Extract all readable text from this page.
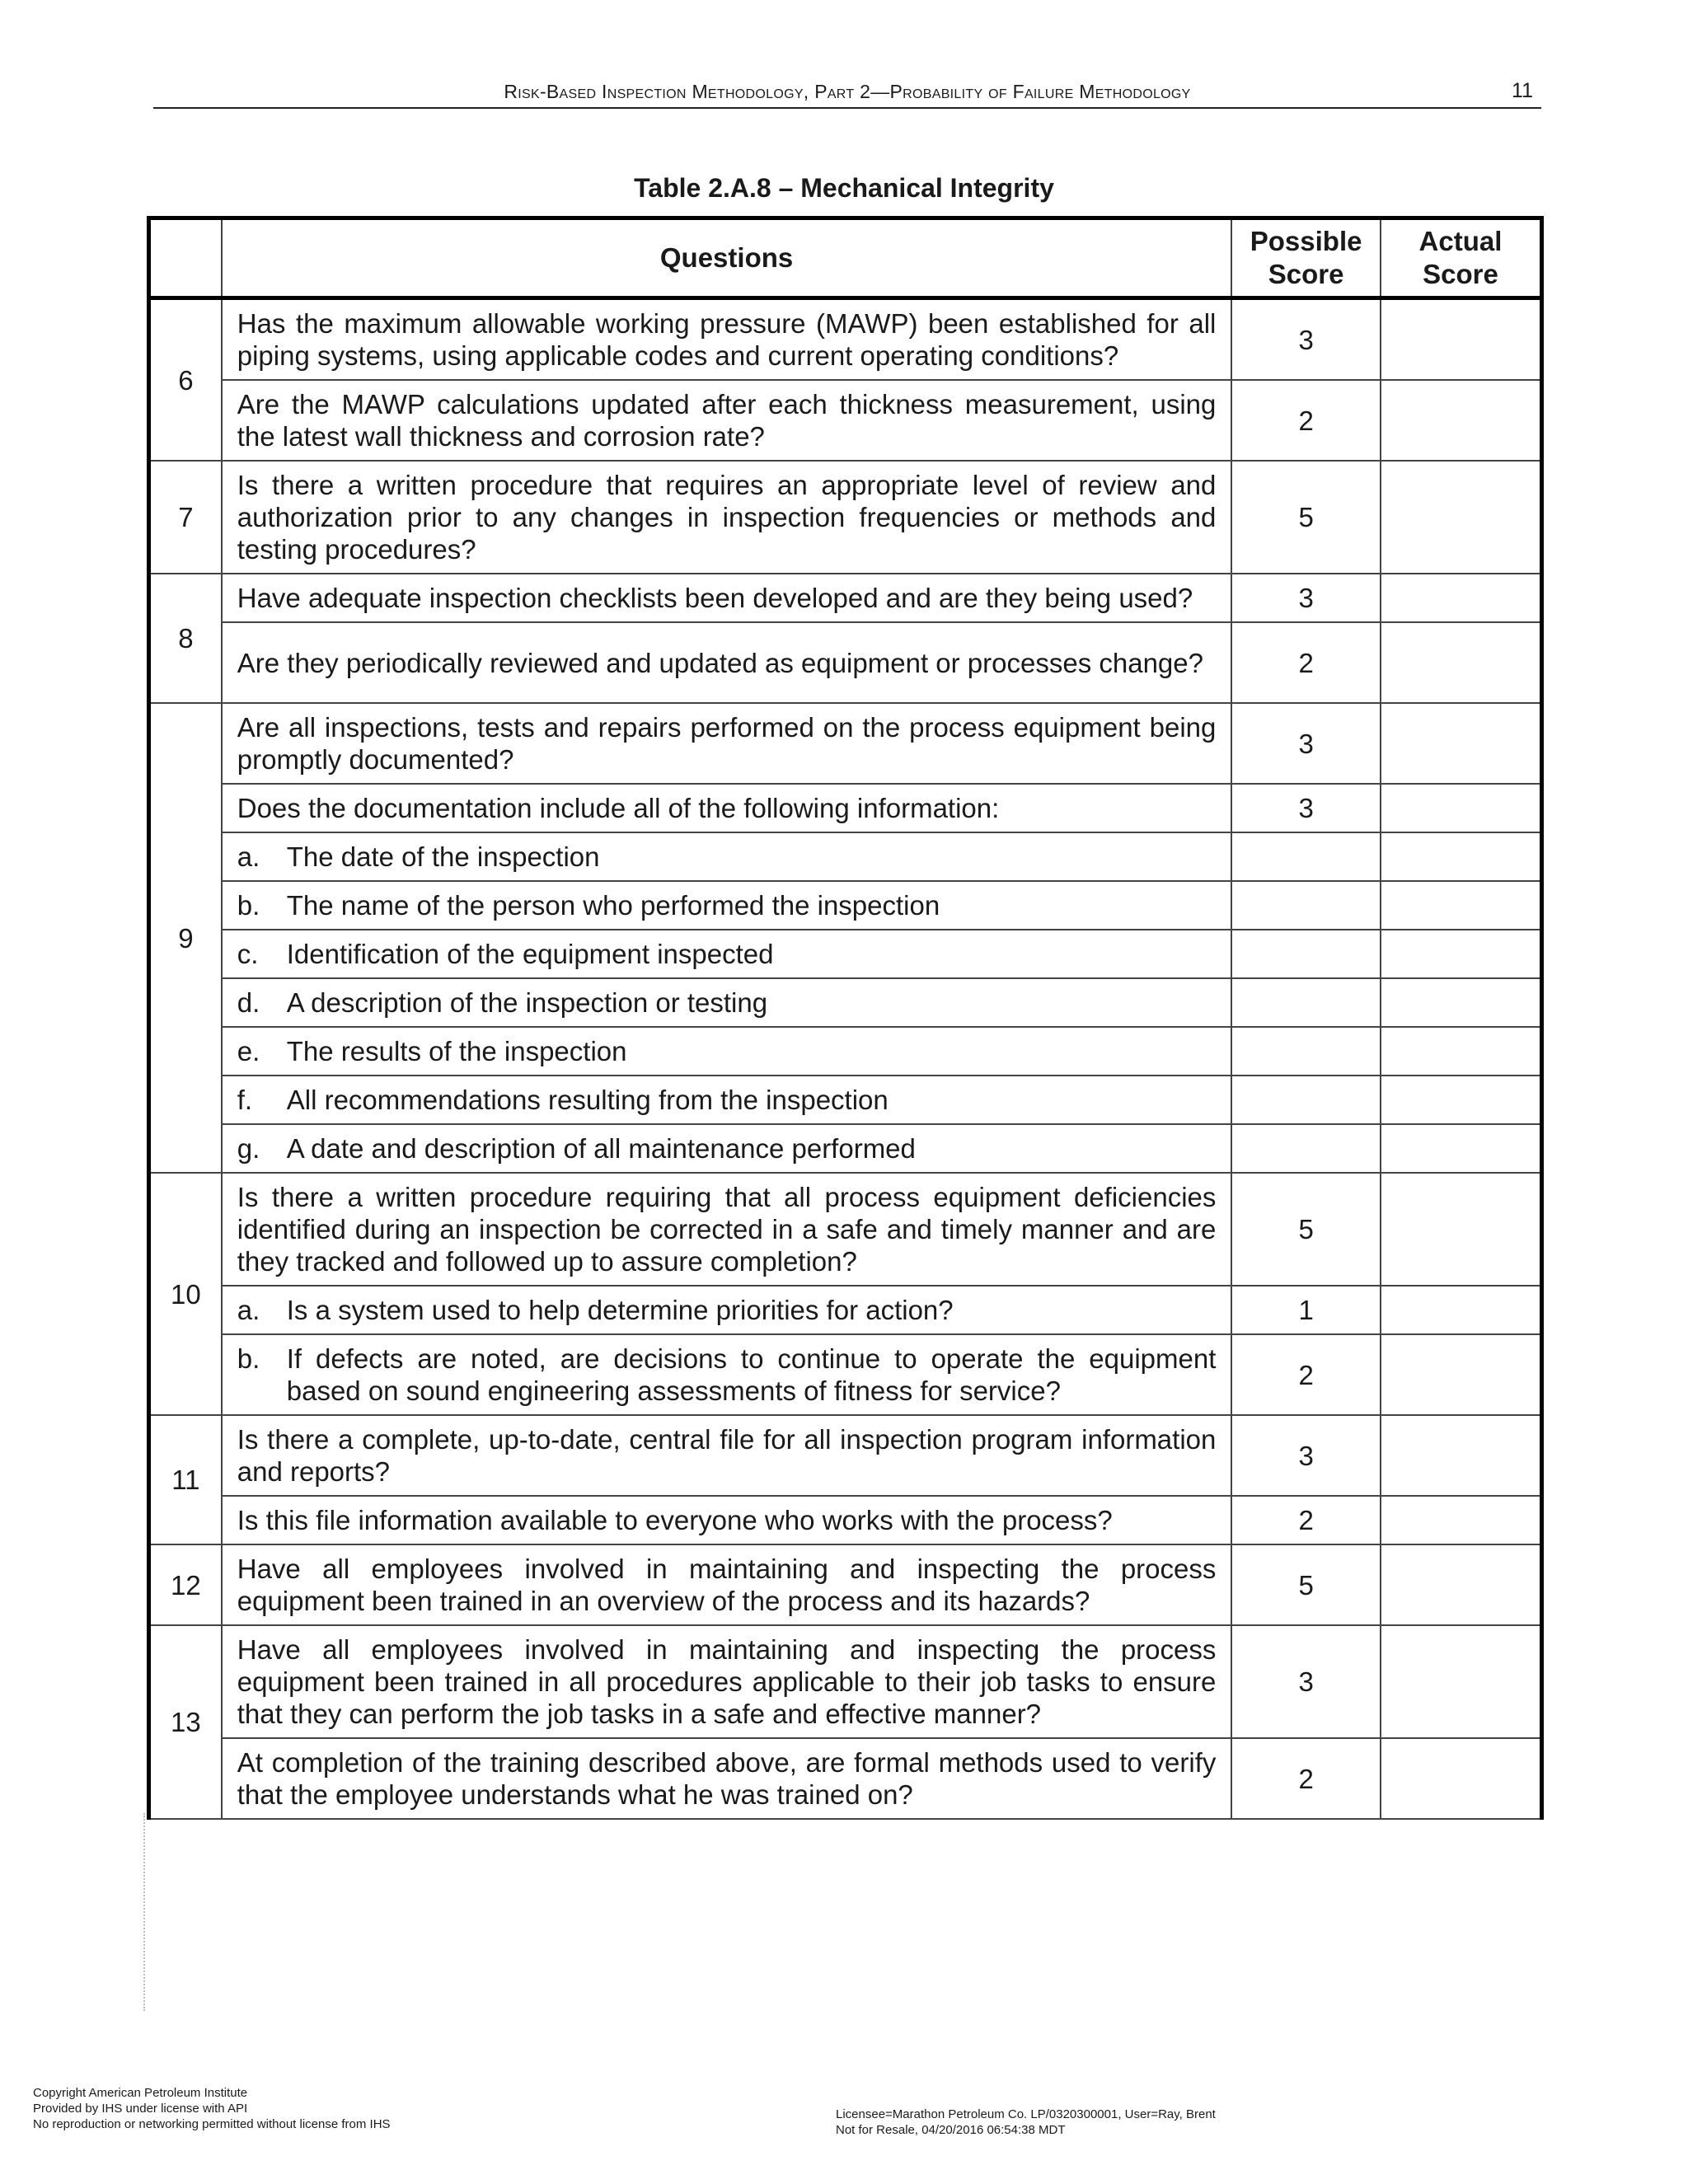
Risk-Based Inspection Methodology, Part 2—Probability of Failure Methodology	11
Table 2.A.8 – Mechanical Integrity
	Questions	Possible Score	Actual Score
6	Has the maximum allowable working pressure (MAWP) been established for all piping systems, using applicable codes and current operating conditions?	3	
	Are the MAWP calculations updated after each thickness measurement, using the latest wall thickness and corrosion rate?	2	
7	Is there a written procedure that requires an appropriate level of review and authorization prior to any changes in inspection frequencies or methods and testing procedures?	5	
8	Have adequate inspection checklists been developed and are they being used?	3	
	Are they periodically reviewed and updated as equipment or processes change?	2	
9	Are all inspections, tests and repairs performed on the process equipment being promptly documented?	3	
	Does the documentation include all of the following information:	3	

	a. The date of the inspection		

	b. The name of the person who performed the inspection		

	c. Identification of the equipment inspected		

	d. A description of the inspection or testing		

	e. The results of the inspection		

	f. All recommendations resulting from the inspection		

	g. A date and description of all maintenance performed		

10	Is there a written procedure requiring that all process equipment deficiencies identified during an inspection be corrected in a safe and timely manner and are they tracked and followed up to assure completion?	5	

	a. Is a system used to help determine priorities for action?	1	

	b. If defects are noted, are decisions to continue to operate the equipment based on sound engineering assessments of fitness for service?	2	
11	Is there a complete, up-to-date, central file for all inspection program information and reports?	3	
	Is this file information available to everyone who works with the process?	2	
12	Have all employees involved in maintaining and inspecting the process equipment been trained in an overview of the process and its hazards?	5	
13	Have all employees involved in maintaining and inspecting the process equipment been trained in all procedures applicable to their job tasks to ensure that they can perform the job tasks in a safe and effective manner?	3	
	At completion of the training described above, are formal methods used to verify that the employee understands what he was trained on?	2	
Copyright American Petroleum Institute
Provided by IHS under license with API
No reproduction or networking permitted without license from IHS
Licensee=Marathon Petroleum Co. LP/0320300001, User=Ray, Brent
Not for Resale, 04/20/2016 06:54:38 MDT
